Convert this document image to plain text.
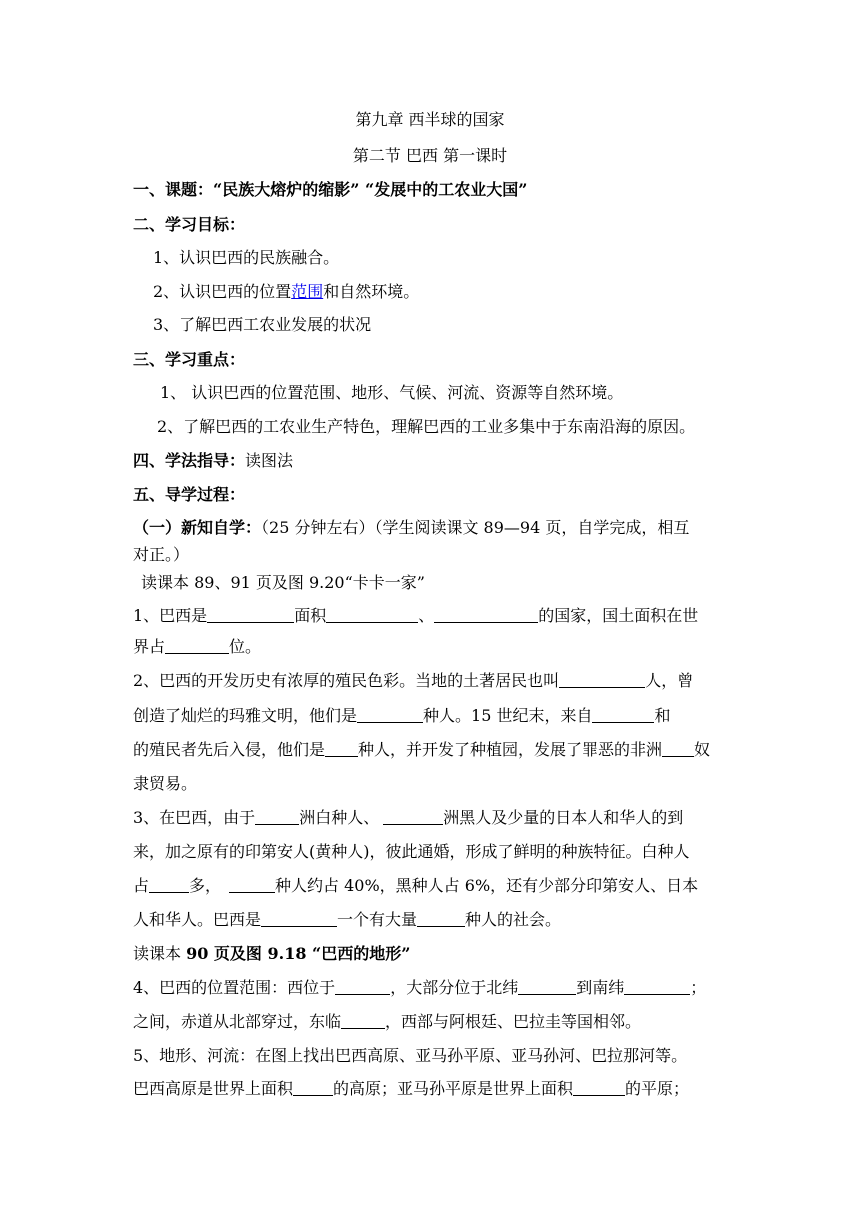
第九章 西半球的国家
第二节 巴西 第一课时
一、课题：“民族大熔炉的缩影” “发展中的工农业大国”
二、学习目标：
1、认识巴西的民族融合。
2、认识巴西的位置范围和自然环境。
3、了解巴西工农业发展的状况
三、学习重点：
1、 认识巴西的位置范围、地形、气候、河流、资源等自然环境。
2、了解巴西的工农业生产特色，理解巴西的工业多集中于东南沿海的原因。
四、学法指导：读图法
五、导学过程：
（一）新知自学：（25 分钟左右）（学生阅读课文 89—94 页，自学完成，相互
对正。）
读课本 89、91 页及图 9.20“卡卡一家”
1、巴西是	面积	、	的国家，国土面积在世
界占	位。
2、巴西的开发历史有浓厚的殖民色彩。当地的土著居民也叫	人，曾
创造了灿烂的玛雅文明，他们是	种人。15 世纪末，来自	和
的殖民者先后入侵，他们是 种人，并开发了种植园，发展了罪恶的非洲 奴
隶贸易。
3、在巴西，由于	洲白种人、	洲黑人及少量的日本人和华人的到
来，加之原有的印第安人(黄种人)，彼此通婚，形成了鲜明的种族特征。白种人
占	多，	种人约占 40%，黑种人占 6%，还有少部分印第安人、日本
人和华人。巴西是	一个有大量	种人的社会。
读课本 90 页及图 9.18 “巴西的地形”
4、巴西的位置范围：西位于	，大部分位于北纬	到南纬	；
之间，赤道从北部穿过，东临	，西部与阿根廷、巴拉圭等国相邻。
5、地形、河流：在图上找出巴西高原、亚马孙平原、亚马孙河、巴拉那河等。
巴西高原是世界上面积	的高原；亚马孙平原是世界上面积	的平原；
